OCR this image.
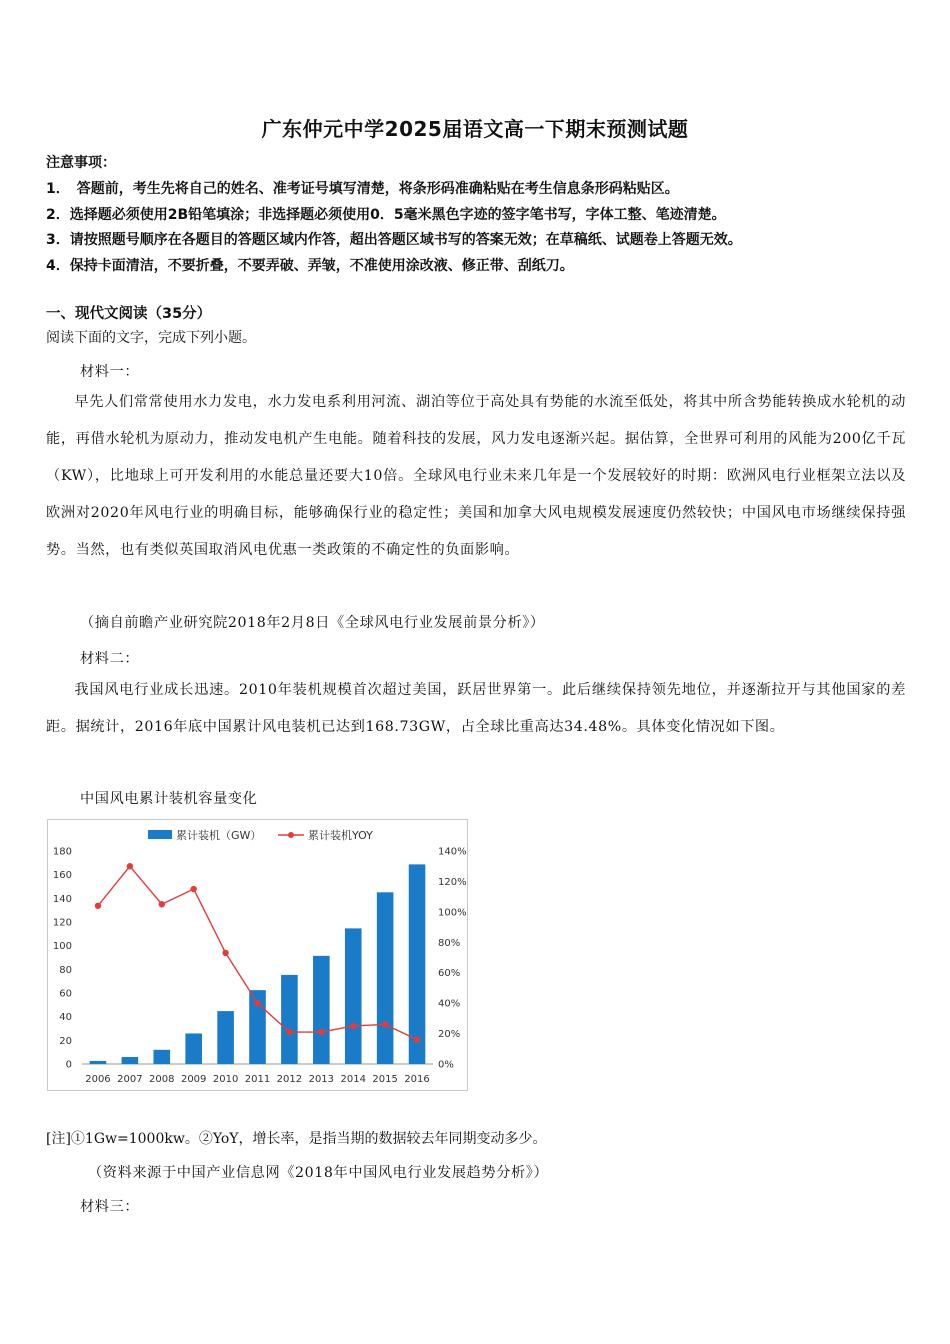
广东仲元中学2025届语文高一下期末预测试题
注意事项：
1．　答题前，考生先将自己的姓名、准考证号填写清楚，将条形码准确粘贴在考生信息条形码粘贴区。
2．选择题必须使用2B铅笔填涂；非选择题必须使用0．5毫米黑色字迹的签字笔书写，字体工整、笔迹清楚。
3．请按照题号顺序在各题目的答题区域内作答，超出答题区域书写的答案无效；在草稿纸、试题卷上答题无效。
4．保持卡面清洁，不要折叠，不要弄破、弄皱，不准使用涂改液、修正带、刮纸刀。
一、现代文阅读（35分）
阅读下面的文字，完成下列小题。
材料一：
早先人们常常使用水力发电，水力发电系利用河流、湖泊等位于高处具有势能的水流至低处，将其中所含势能转换成水轮机的动能，再借水轮机为原动力，推动发电机产生电能。随着科技的发展，风力发电逐渐兴起。据估算，全世界可利用的风能为200亿千瓦（KW），比地球上可开发利用的水能总量还要大10倍。全球风电行业未来几年是一个发展较好的时期：欧洲风电行业框架立法以及欧洲对2020年风电行业的明确目标，能够确保行业的稳定性；美国和加拿大风电规模发展速度仍然较快；中国风电市场继续保持强势。当然，也有类似英国取消风电优惠一类政策的不确定性的负面影响。
（摘自前瞻产业研究院2018年2月8日《全球风电行业发展前景分析》）
材料二：
我国风电行业成长迅速。2010年装机规模首次超过美国，跃居世界第一。此后继续保持领先地位，并逐渐拉开与其他国家的差距。据统计，2016年底中国累计风电装机已达到168.73GW，占全球比重高达34.48%。具体变化情况如下图。
中国风电累计装机容量变化
0
20
40
60
80
100
120
140
160
180
0%
20%
40%
60%
80%
100%
120%
140%
2006 2007 2008 2009 2010 2011 2012 2013 2014 2015 2016
累计装机（GW）	累计装机YOY
[注]①1Gw=1000kw。②YoY，增长率，是指当期的数据较去年同期变动多少。
（资料来源于中国产业信息网《2018年中国风电行业发展趋势分析》）
材料三：
